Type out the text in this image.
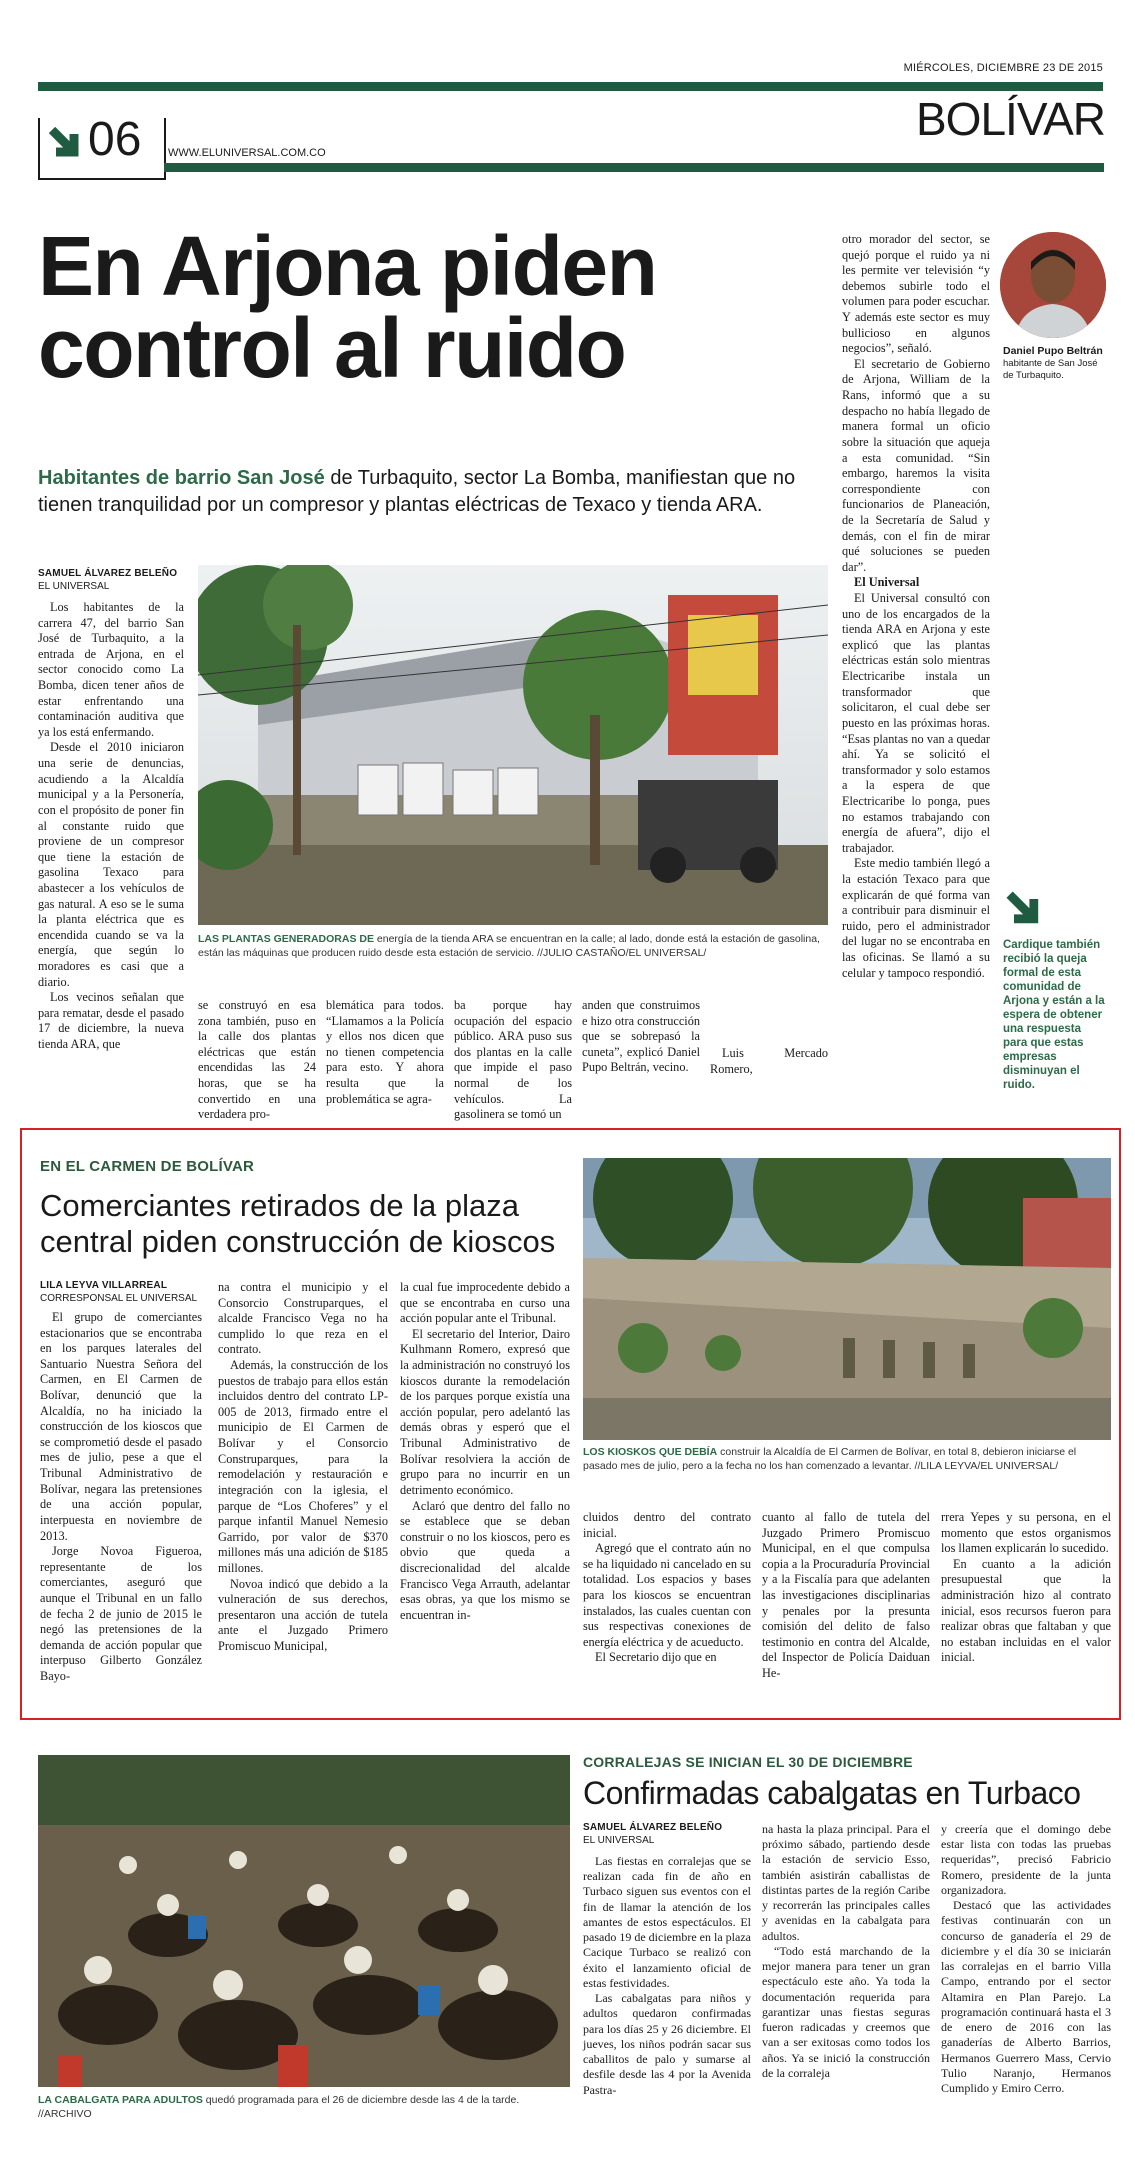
MIÉRCOLES, DICIEMBRE 23 DE 2015
BOLÍVAR
06 WWW.ELUNIVERSAL.COM.CO
En Arjona piden control al ruido
Habitantes de barrio San José de Turbaquito, sector La Bomba, manifiestan que no tienen tranquilidad por un compresor y plantas eléctricas de Texaco y tienda ARA.
SAMUEL ÁLVAREZ BELEÑO
EL UNIVERSAL

Los habitantes de la carrera 47, del barrio San José de Turbaquito, a la entrada de Arjona, en el sector conocido como La Bomba, dicen tener años de estar enfrentando una contaminación auditiva que ya los está enfermando.

Desde el 2010 iniciaron una serie de denuncias, acudiendo a la Alcaldía municipal y a la Personería, con el propósito de poner fin al constante ruido que proviene de un compresor que tiene la estación de gasolina Texaco para abastecer a los vehículos de gas natural. A eso se le suma la planta eléctrica que es encendida cuando se va la energía, que según lo moradores es casi que a diario.

Los vecinos señalan que para rematar, desde el pasado 17 de diciembre, la nueva tienda ARA, que

LAS PLANTAS GENERADORAS DE energía de la tienda ARA se encuentran en la calle; al lado, donde está la estación de gasolina, están las máquinas que producen ruido desde esta estación de servicio. //JULIO CASTAÑO/EL UNIVERSAL/

se construyó en esa zona también, puso en la calle dos plantas eléctricas que están encendidas las 24 horas, que se ha convertido en una verdadera pro-

blemática para todos. “Llamamos a la Policía y ellos nos dicen que no tienen competencia para esto. Y ahora resulta que la problemática se agra-

ba porque hay ocupación del espacio público. ARA puso sus dos plantas en la calle que impide el paso normal de los vehículos. La gasolinera se tomó un

anden que construimos e hizo otra construcción que se sobrepasó la cuneta”, explicó Daniel Pupo Beltrán, vecino.

Luis Mercado Romero,

otro morador del sector, se quejó porque el ruido ya ni les permite ver televisión “y debemos subirle todo el volumen para poder escuchar. Y además este sector es muy bullicioso en algunos negocios”, señaló.

El secretario de Gobierno de Arjona, William de la Rans, informó que a su despacho no había llegado de manera formal un oficio sobre la situación que aqueja a esta comunidad. “Sin embargo, haremos la visita correspondiente con funcionarios de Planeación, de la Secretaría de Salud y demás, con el fin de mirar qué soluciones se pueden dar”.

El Universal

El Universal consultó con uno de los encargados de la tienda ARA en Arjona y este explicó que las plantas eléctricas están solo mientras Electricaribe instala un transformador que solicitaron, el cual debe ser puesto en las próximas horas. “Esas plantas no van a quedar ahí. Ya se solicitó el transformador y solo estamos a la espera de que Electricaribe lo ponga, pues no estamos trabajando con energía de afuera”, dijo el trabajador.

Este medio también llegó a la estación Texaco para que explicarán de qué forma van a contribuir para disminuir el ruido, pero el administrador del lugar no se encontraba en las oficinas. Se llamó a su celular y tampoco respondió.

Daniel Pupo Beltrán
habitante de San José de Turbaquito.
Cardique también recibió la queja formal de esta comunidad de Arjona y están a la espera de obtener una respuesta para que estas empresas disminuyan el ruido.
EN EL CARMEN DE BOLÍVAR
Comerciantes retirados de la plaza central piden construcción de kioscos
LILA LEYVA VILLARREAL
CORRESPONSAL EL UNIVERSAL

El grupo de comerciantes estacionarios que se encontraba en los parques laterales del Santuario Nuestra Señora del Carmen, en El Carmen de Bolívar, denunció que la Alcaldía, no ha iniciado la construcción de los kioscos que se comprometió desde el pasado mes de julio, pese a que el Tribunal Administrativo de Bolívar, negara las pretensiones de una acción popular, interpuesta en noviembre de 2013.

Jorge Novoa Figueroa, representante de los comerciantes, aseguró que aunque el Tribunal en un fallo de fecha 2 de junio de 2015 le negó las pretensiones de la demanda de acción popular que interpuso Gilberto González Bayo-

na contra el municipio y el Consorcio Construparques, el alcalde Francisco Vega no ha cumplido lo que reza en el contrato.

Además, la construcción de los puestos de trabajo para ellos están incluidos dentro del contrato LP-005 de 2013, firmado entre el municipio de El Carmen de Bolívar y el Consorcio Construparques, para la remodelación y restauración e integración con la iglesia, el parque de “Los Choferes” y el parque infantil Manuel Nemesio Garrido, por valor de $370 millones más una adición de $185 millones.

Novoa indicó que debido a la vulneración de sus derechos, presentaron una acción de tutela ante el Juzgado Primero Promiscuo Municipal,

la cual fue improcedente debido a que se encontraba en curso una acción popular ante el Tribunal.

El secretario del Interior, Dairo Kulhmann Romero, expresó que la administración no construyó los kioscos durante la remodelación de los parques porque existía una acción popular, pero adelantó las demás obras y esperó que el Tribunal Administrativo de Bolívar resolviera la acción de grupo para no incurrir en un detrimento económico.

Aclaró que dentro del fallo no se establece que se deban construir o no los kioscos, pero es obvio que queda a discrecionalidad del alcalde Francisco Vega Arrauth, adelantar esas obras, ya que los mismo se encuentran in-

LOS KIOSKOS QUE DEBÍA construir la Alcaldía de El Carmen de Bolívar, en total 8, debieron iniciarse el pasado mes de julio, pero a la fecha no los han comenzado a levantar. //LILA LEYVA/EL UNIVERSAL/

cluidos dentro del contrato inicial.

Agregó que el contrato aún no se ha liquidado ni cancelado en su totalidad. Los espacios y bases para los kioscos se encuentran instalados, las cuales cuentan con sus respectivas conexiones de energía eléctrica y de acueducto.

El Secretario dijo que en

cuanto al fallo de tutela del Juzgado Primero Promiscuo Municipal, en el que compulsa copia a la Procuraduría Provincial y a la Fiscalía para que adelanten las investigaciones disciplinarias y penales por la presunta comisión del delito de falso testimonio en contra del Alcalde, del Inspector de Policía Daiduan He-

rrera Yepes y su persona, en el momento que estos organismos los llamen explicarán lo sucedido.

En cuanto a la adición presupuestal que la administración hizo al contrato inicial, esos recursos fueron para realizar obras que faltaban y que no estaban incluidas en el valor inicial.

LA CABALGATA PARA ADULTOS quedó programada para el 26 de diciembre desde las 4 de la tarde. //ARCHIVO
CORRALEJAS SE INICIAN EL 30 DE DICIEMBRE
Confirmadas cabalgatas en Turbaco
SAMUEL ÁLVAREZ BELEÑO
EL UNIVERSAL

Las fiestas en corralejas que se realizan cada fin de año en Turbaco siguen sus eventos con el fin de llamar la atención de los amantes de estos espectáculos. El pasado 19 de diciembre en la plaza Cacique Turbaco se realizó con éxito el lanzamiento oficial de estas festividades.

Las cabalgatas para niños y adultos quedaron confirmadas para los días 25 y 26 diciembre. El jueves, los niños podrán sacar sus caballitos de palo y sumarse al desfile desde las 4 por la Avenida Pastra-

na hasta la plaza principal. Para el próximo sábado, partiendo desde la estación de servicio Esso, también asistirán caballistas de distintas partes de la región Caribe y recorrerán las principales calles y avenidas en la cabalgata para adultos.

“Todo está marchando de la mejor manera para tener un gran espectáculo este año. Ya toda la documentación requerida para garantizar unas fiestas seguras fueron radicadas y creemos que van a ser exitosas como todos los años. Ya se inició la construcción de la corraleja

y creería que el domingo debe estar lista con todas las pruebas requeridas”, precisó Fabricio Romero, presidente de la junta organizadora.

Destacó que las actividades festivas continuarán con un concurso de ganadería el 29 de diciembre y el día 30 se iniciarán las corralejas en el barrio Villa Campo, entrando por el sector Altamira en Plan Parejo. La programación continuará hasta el 3 de enero de 2016 con las ganaderías de Alberto Barrios, Hermanos Guerrero Mass, Cervio Tulio Naranjo, Hermanos Cumplido y Emiro Cerro.
